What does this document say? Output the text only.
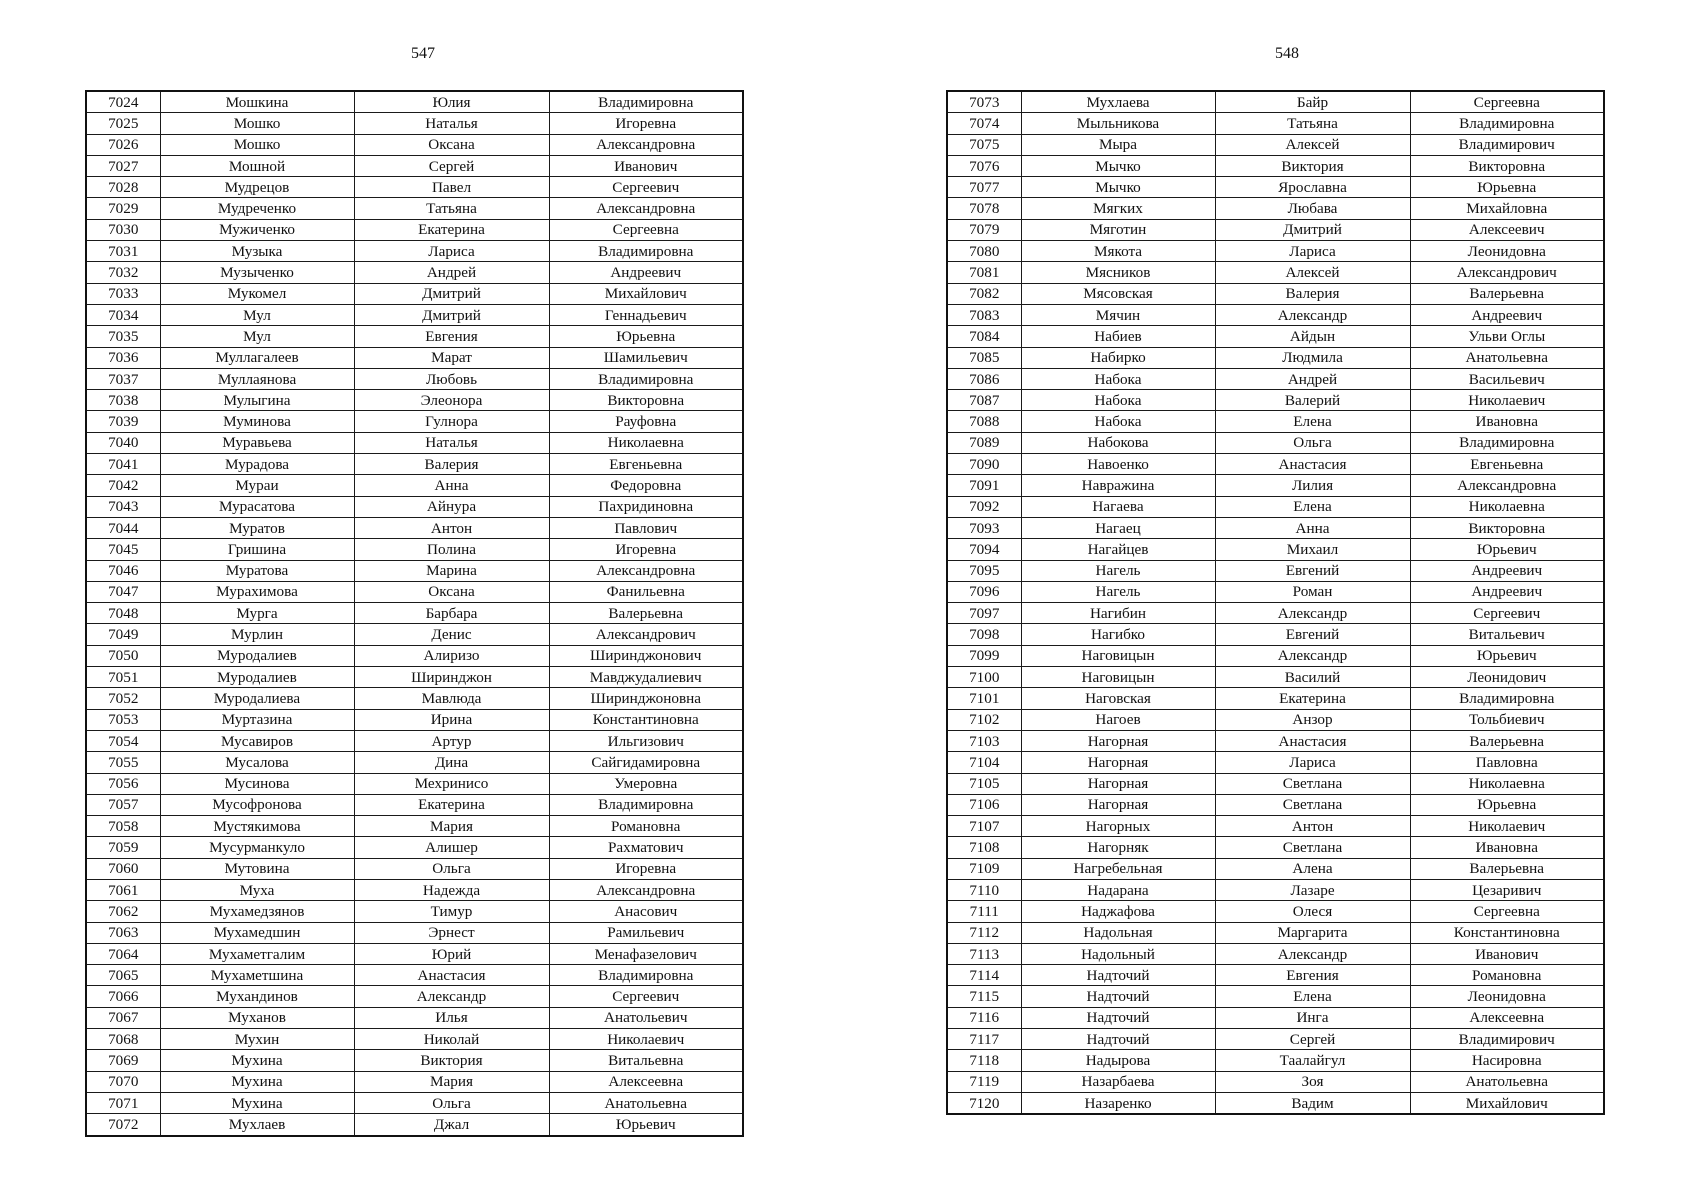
547	548
7024	Мошкина	Юлия	Владимировна
7025	Мошко	Наталья	Игоревна
7026	Мошко	Оксана	Александровна
7027	Мошной	Сергей	Иванович
7028	Мудрецов	Павел	Сергеевич
7029	Мудреченко	Татьяна	Александровна
7030	Мужиченко	Екатерина	Сергеевна
7031	Музыка	Лариса	Владимировна
7032	Музыченко	Андрей	Андреевич
7033	Мукомел	Дмитрий	Михайлович
7034	Мул	Дмитрий	Геннадьевич
7035	Мул	Евгения	Юрьевна
7036	Муллагалеев	Марат	Шамильевич
7037	Муллаянова	Любовь	Владимировна
7038	Мулыгина	Элеонора	Викторовна
7039	Муминова	Гулнора	Рауфовна
7040	Муравьева	Наталья	Николаевна
7041	Мурадова	Валерия	Евгеньевна
7042	Мураи	Анна	Федоровна
7043	Мурасатова	Айнура	Пахридиновна
7044	Муратов	Антон	Павлович
7045	Гришина	Полина	Игоревна
7046	Муратова	Марина	Александровна
7047	Мурахимова	Оксана	Фанильевна
7048	Мурга	Барбара	Валерьевна
7049	Мурлин	Денис	Александрович
7050	Муродалиев	Алиризо	Ширинджонович
7051	Муродалиев	Ширинджон	Мавджудалиевич
7052	Муродалиева	Мавлюда	Ширинджоновна
7053	Муртазина	Ирина	Константиновна
7054	Мусавиров	Артур	Ильгизович
7055	Мусалова	Дина	Сайгидамировна
7056	Мусинова	Мехринисо	Умеровна
7057	Мусофронова	Екатерина	Владимировна
7058	Мустякимова	Мария	Романовна
7059	Мусурманкуло	Алишер	Рахматович
7060	Мутовина	Ольга	Игоревна
7061	Муха	Надежда	Александровна
7062	Мухамедзянов	Тимур	Анасович
7063	Мухамедшин	Эрнест	Рамильевич
7064	Мухаметгалим	Юрий	Менафазелович
7065	Мухаметшина	Анастасия	Владимировна
7066	Мухандинов	Александр	Сергеевич
7067	Муханов	Илья	Анатольевич
7068	Мухин	Николай	Николаевич
7069	Мухина	Виктория	Витальевна
7070	Мухина	Мария	Алексеевна
7071	Мухина	Ольга	Анатольевна
7072	Мухлаев	Джал	Юрьевич
7073	Мухлаева	Байр	Сергеевна
7074	Мыльникова	Татьяна	Владимировна
7075	Мыра	Алексей	Владимирович
7076	Мычко	Виктория	Викторовна
7077	Мычко	Ярославна	Юрьевна
7078	Мягких	Любава	Михайловна
7079	Мяготин	Дмитрий	Алексеевич
7080	Мякота	Лариса	Леонидовна
7081	Мясников	Алексей	Александрович
7082	Мясовская	Валерия	Валерьевна
7083	Мячин	Александр	Андреевич
7084	Набиев	Айдын	Ульви Оглы
7085	Набирко	Людмила	Анатольевна
7086	Набока	Андрей	Васильевич
7087	Набока	Валерий	Николаевич
7088	Набока	Елена	Ивановна
7089	Набокова	Ольга	Владимировна
7090	Навоенко	Анастасия	Евгеньевна
7091	Навражина	Лилия	Александровна
7092	Нагаева	Елена	Николаевна
7093	Нагаец	Анна	Викторовна
7094	Нагайцев	Михаил	Юрьевич
7095	Нагель	Евгений	Андреевич
7096	Нагель	Роман	Андреевич
7097	Нагибин	Александр	Сергеевич
7098	Нагибко	Евгений	Витальевич
7099	Наговицын	Александр	Юрьевич
7100	Наговицын	Василий	Леонидович
7101	Наговская	Екатерина	Владимировна
7102	Нагоев	Анзор	Тольбиевич
7103	Нагорная	Анастасия	Валерьевна
7104	Нагорная	Лариса	Павловна
7105	Нагорная	Светлана	Николаевна
7106	Нагорная	Светлана	Юрьевна
7107	Нагорных	Антон	Николаевич
7108	Нагорняк	Светлана	Ивановна
7109	Нагребельная	Алена	Валерьевна
7110	Надарана	Лазаре	Цезаривич
7111	Наджафова	Олеся	Сергеевна
7112	Надольная	Маргарита	Константиновна
7113	Надольный	Александр	Иванович
7114	Надточий	Евгения	Романовна
7115	Надточий	Елена	Леонидовна
7116	Надточий	Инга	Алексеевна
7117	Надточий	Сергей	Владимирович
7118	Надырова	Таалайгул	Насировна
7119	Назарбаева	Зоя	Анатольевна
7120	Назаренко	Вадим	Михайлович
